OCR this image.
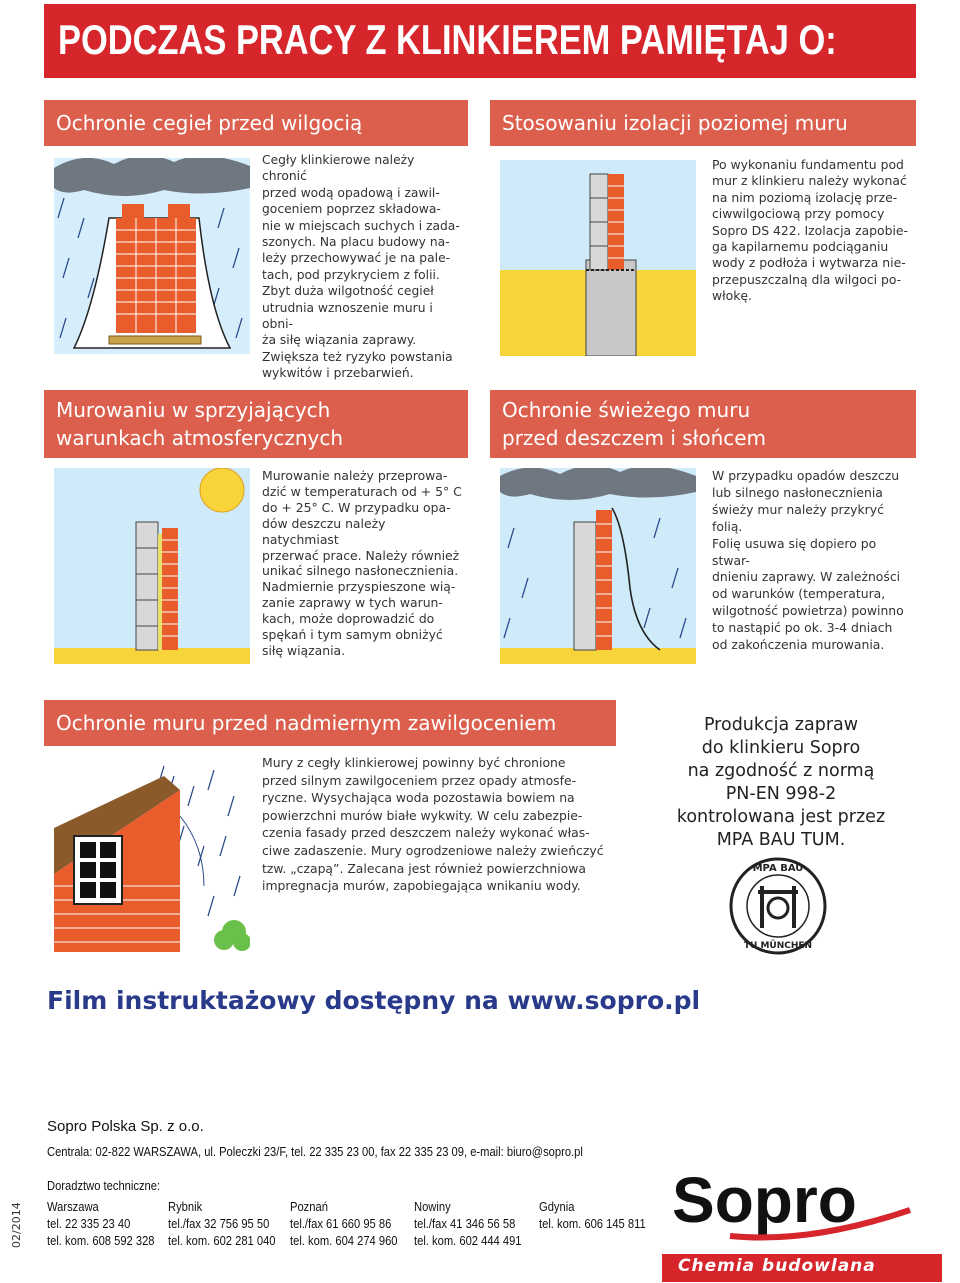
PODCZAS PRACY Z KLINKIEREM PAMIĘTAJ O:
Ochronie cegieł przed wilgocią
Cegły klinkierowe należy chronić
przed wodą opadową i zawil-
goceniem poprzez składowa-
nie w miejscach suchych i zada-
szonych. Na placu budowy na-
leży przechowywać je na pale-
tach, pod przykryciem z folii.
Zbyt duża wilgotność cegieł
utrudnia wznoszenie muru i obni-
ża siłę wiązania zaprawy.
Zwiększa też ryzyko powstania
wykwitów i przebarwień.
Stosowaniu izolacji poziomej muru
Po wykonaniu fundamentu pod
mur z klinkieru należy wykonać
na nim poziomą izolację prze-
ciwwilgociową przy pomocy
Sopro DS 422. Izolacja zapobie-
ga kapilarnemu podciąganiu
wody z podłoża i wytwarza nie-
przepuszczalną dla wilgoci po-
włokę.
Murowaniu w sprzyjających
warunkach atmosferycznych
Murowanie należy przeprowa-
dzić w temperaturach od + 5° C
do + 25° C. W przypadku opa-
dów deszczu należy natychmiast
przerwać prace. Należy również
unikać silnego nasłonecznienia.
Nadmiernie przyspieszone wią-
zanie zaprawy w tych warun-
kach, może doprowadzić do
spękań i tym samym obniżyć
siłę wiązania.
Ochronie świeżego muru
przed deszczem i słońcem
W przypadku opadów deszczu
lub silnego nasłonecznienia
świeży mur należy przykryć folią.
Folię usuwa się dopiero po stwar-
dnieniu zaprawy. W zależności
od warunków (temperatura,
wilgotność powietrza) powinno
to nastąpić po ok. 3-4 dniach
od zakończenia murowania.
Ochronie muru przed nadmiernym zawilgoceniem
Mury z cegły klinkierowej powinny być chronione
przed silnym zawilgoceniem przez opady atmosfe-
ryczne. Wysychająca woda pozostawia bowiem na
powierzchni murów białe wykwity. W celu zabezpie-
czenia fasady przed deszczem należy wykonać włas-
ciwe zadaszenie. Mury ogrodzeniowe należy zwieńczyć
tzw. „czapą”. Zalecana jest również powierzchniowa
impregnacja murów, zapobiegająca wnikaniu wody.
Produkcja zapraw
do klinkieru Sopro
na zgodność z normą
PN-EN 998-2
kontrolowana jest przez
MPA BAU TUM.
MPA BAU
TU MÜNCHEN
Film instruktażowy dostępny na www.sopro.pl
Sopro Polska Sp. z o.o.
Centrala: 02-822 WARSZAWA, ul. Poleczki 23/F, tel. 22 335 23 00, fax 22 335 23 09, e-mail: biuro@sopro.pl
Doradztwo techniczne:
Warszawa
tel. 22 335 23 40
tel. kom. 608 592 328
Rybnik
tel./fax 32 756 95 50
tel. kom. 602 281 040
Poznań
tel./fax 61 660 95 86
tel. kom. 604 274 960
Nowiny
tel./fax 41 346 56 58
tel. kom. 602 444 491
Gdynia
tel. kom. 606 145 811
02/2014	Sopro
Chemia budowlana
